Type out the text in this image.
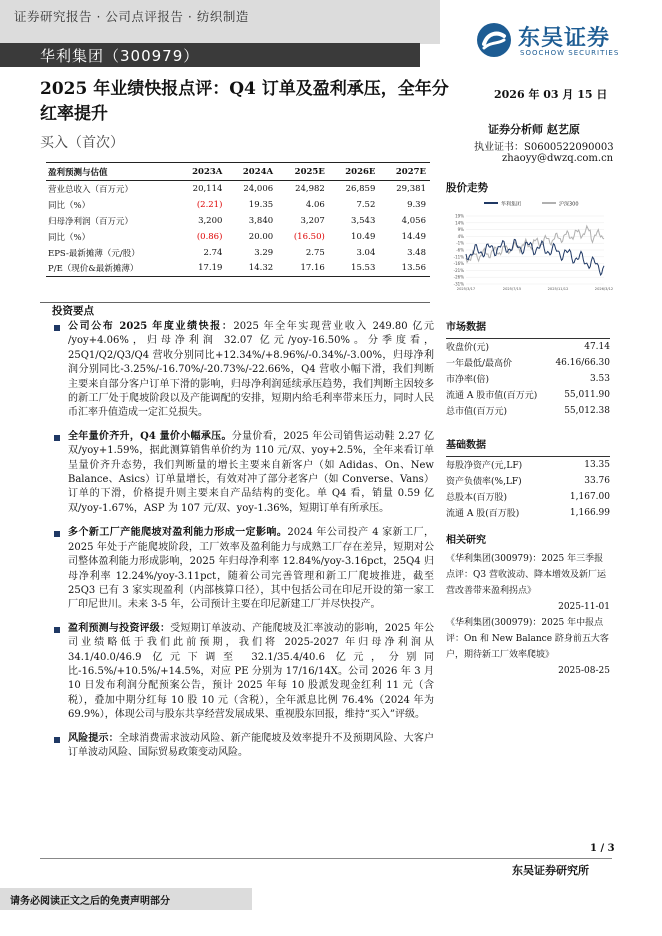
证券研究报告 · 公司点评报告 · 纺织制造
华利集团（300979）
东吴证券
SOOCHOW SECURITIES
2025 年业绩快报点评：Q4 订单及盈利承压，全年分红率提升
2026 年 03 月 15 日
买入（首次）
证券分析师 赵艺原
执业证书：S0600522090003
zhaoyy@dwzq.com.cn
盈利预测与估值	2023A	2024A	2025E	2026E	2027E
营业总收入（百万元）	20,114	24,006	24,982	26,859	29,381
同比（%）	(2.21)	19.35	4.06	7.52	9.39
归母净利润（百万元）	3,200	3,840	3,207	3,543	4,056
同比（%）	(0.86)	20.00	(16.50)	10.49	14.49
EPS-最新摊薄（元/股）	2.74	3.29	2.75	3.04	3.48
P/E（现价&最新摊薄）	17.19	14.32	17.16	15.53	13.56
股价走势
华利集团	沪深300
19%
14%
9%
4%
-1%
-6%
-11%
-16%
-21%
-26%
-31%
2025/3/17	2025/7/15	2025/11/12	2026/3/12
投资要点
公司公布 2025 年度业绩快报：2025 年全年实现营业收入 249.80 亿元 /yoy+4.06%，归母净利润 32.07 亿元/yoy-16.50%。分季度看，25Q1/Q2/Q3/Q4 营收分别同比+12.34%/+8.96%/-0.34%/-3.00%，归母净利润分别同比-3.25%/-16.70%/-20.73%/-22.66%，Q4 营收小幅下滑，我们判断主要来自部分客户订单下滑的影响，归母净利润延续承压趋势，我们判断主因较多的新工厂处于爬坡阶段以及产能调配的安排，短期内给毛利率带来压力，同时人民币汇率升值造成一定汇兑损失。
全年量价齐升，Q4 量价小幅承压。分量价看，2025 年公司销售运动鞋 2.27 亿双/yoy+1.59%，据此测算销售单价约为 110 元/双、yoy+2.5%，全年来看订单呈量价齐升态势，我们判断量的增长主要来自新客户（如 Adidas、On、New Balance、Asics）订单量增长，有效对冲了部分老客户（如 Converse、Vans）订单的下滑，价格提升则主要来自产品结构的变化。单 Q4 看，销量 0.59 亿双/yoy-1.67%，ASP 为 107 元/双、yoy-1.36%，短期订单有所承压。
多个新工厂产能爬坡对盈利能力形成一定影响。2024 年公司投产 4 家新工厂，2025 年处于产能爬坡阶段，工厂效率及盈利能力与成熟工厂存在差异，短期对公司整体盈利能力形成影响，2025 年归母净利率 12.84%/yoy-3.16pct，25Q4 归母净利率 12.24%/yoy-3.11pct，随着公司完善管理和新工厂爬坡推进，截至 25Q3 已有 3 家实现盈利（内部核算口径），其中包括公司在印尼开设的第一家工厂印尼世川。未来 3-5 年，公司预计主要在印尼新建工厂并尽快投产。
盈利预测与投资评级：受短期订单波动、产能爬坡及汇率波动的影响，2025 年公司业绩略低于我们此前预期，我们将 2025-2027 年归母净利润从 34.1/40.0/46.9 亿元下调至 32.1/35.4/40.6 亿元，分别同比-16.5%/+10.5%/+14.5%，对应 PE 分别为 17/16/14X。公司 2026 年 3 月 10 日发布利润分配预案公告，预计 2025 年每 10 股派发现金红利 11 元（含税），叠加中期分红每 10 股 10 元（含税），全年派息比例 76.4%（2024 年为 69.9%），体现公司与股东共享经营发展成果、重视股东回报，维持“买入”评级。
风险提示：全球消费需求波动风险、新产能爬坡及效率提升不及预期风险、大客户订单波动风险、国际贸易政策变动风险。
市场数据
收盘价(元)	47.14
一年最低/最高价	46.16/66.30
市净率(倍)	3.53
流通 A 股市值(百万元)	55,011.90
总市值(百万元)	55,012.38
基础数据
每股净资产(元,LF)	13.35
资产负债率(%,LF)	33.76
总股本(百万股)	1,167.00
流通 A 股(百万股)	1,166.99
相关研究
《华利集团(300979)：2025 年三季报点评：Q3 营收波动、降本增效及新厂运营改善带来盈利拐点》
2025-11-01
《华利集团(300979)：2025 年中报点评：On 和 New Balance 跻身前五大客户，期待新工厂效率爬坡》
2025-08-25
1 / 3
请务必阅读正文之后的免责声明部分
东吴证券研究所
